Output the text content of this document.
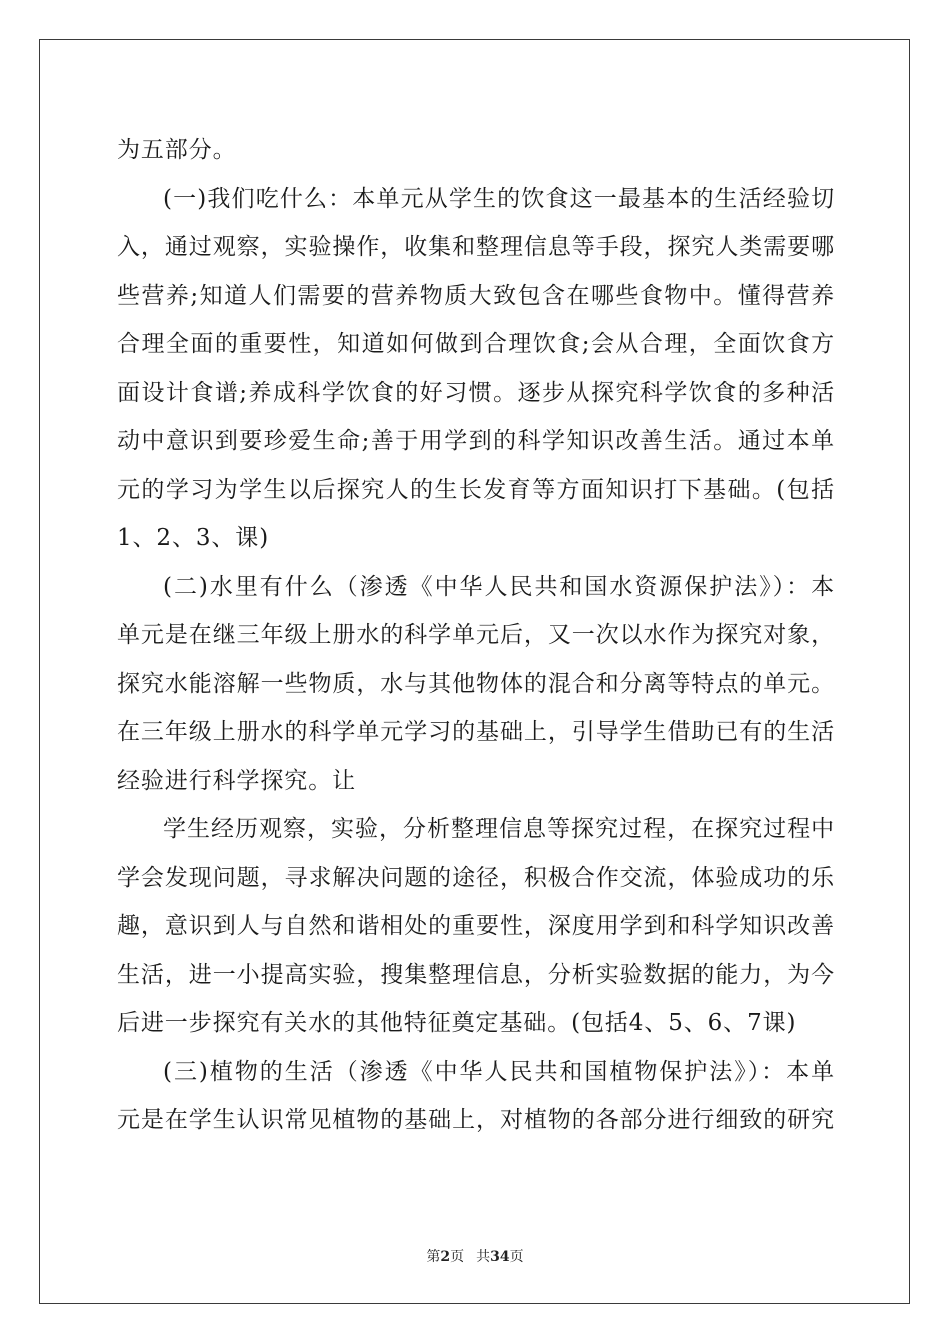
为五部分。
(一)我们吃什么：本单元从学生的饮食这一最基本的生活经验切
入，通过观察，实验操作，收集和整理信息等手段，探究人类需要哪
些营养;知道人们需要的营养物质大致包含在哪些食物中。懂得营养
合理全面的重要性，知道如何做到合理饮食;会从合理，全面饮食方
面设计食谱;养成科学饮食的好习惯。逐步从探究科学饮食的多种活
动中意识到要珍爱生命;善于用学到的科学知识改善生活。通过本单
元的学习为学生以后探究人的生长发育等方面知识打下基础。(包括
1、2、3、课)
(二)水里有什么（渗透《中华人民共和国水资源保护法》）：本
单元是在继三年级上册水的科学单元后，又一次以水作为探究对象，
探究水能溶解一些物质，水与其他物体的混合和分离等特点的单元。
在三年级上册水的科学单元学习的基础上，引导学生借助已有的生活
经验进行科学探究。让
学生经历观察，实验，分析整理信息等探究过程，在探究过程中
学会发现问题，寻求解决问题的途径，积极合作交流，体验成功的乐
趣，意识到人与自然和谐相处的重要性，深度用学到和科学知识改善
生活，进一小提高实验，搜集整理信息，分析实验数据的能力，为今
后进一步探究有关水的其他特征奠定基础。(包括4、5、6、7课)
(三)植物的生活（渗透《中华人民共和国植物保护法》）：本单
元是在学生认识常见植物的基础上，对植物的各部分进行细致的研究
第2页 共34页
